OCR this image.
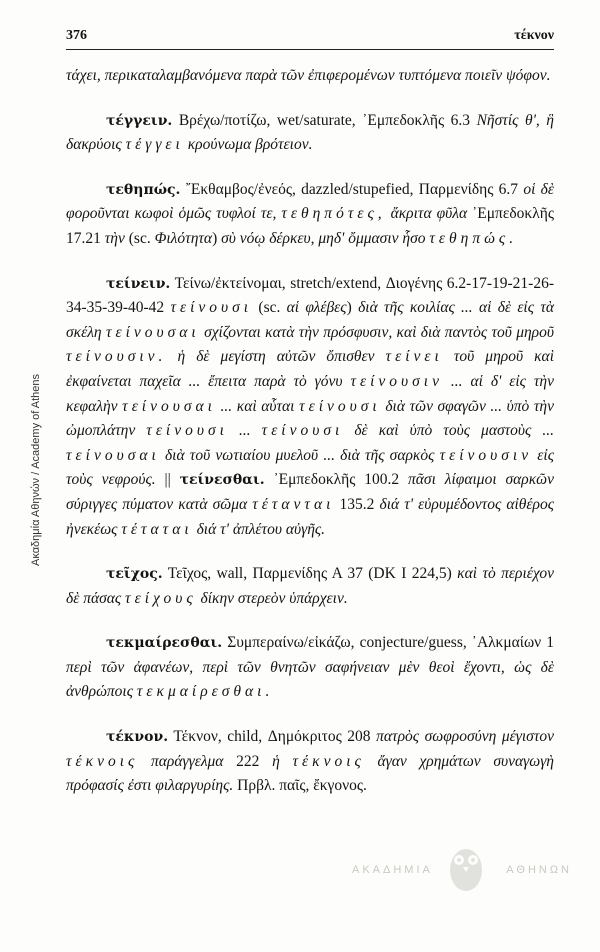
Ακαδημία Αθηνών / Academy of Athens
376	τέκνον

τάχει, περικαταλαμβανόμενα παρὰ τῶν ἐπιφερομένων τυπτόμενα ποιεῖν ψόφον.

τέγγειν. Βρέχω/ποτίζω, wet/saturate, ᾿Εμπεδοκλῆς 6.3 Νῆστίς θ', ἣ δακρύοις τέγγει κρούνωμα βρότειον.

τεθηπώς. ῎Εκθαμβος/ἐνεός, dazzled/stupefied, Παρμενίδης 6.7 οἱ δὲ φοροῦνται κωφοὶ ὁμῶς τυφλοί τε, τεθηπότες, ἄκριτα φῦλα ᾿Εμπεδοκλῆς 17.21 τὴν (sc. Φιλότητα) σὺ νόῳ δέρκευ, μηδ' ὄμμασιν ἧσο τεθηπώς.

τείνειν. Τείνω/ἐκτείνομαι, stretch/extend, Διογένης 6.2-17-19-21-26-34-35-39-40-42 τείνουσι (sc. αἱ φλέβες) διὰ τῆς κοιλίας ... αἱ δὲ εἰς τὰ σκέλη τείνουσαι σχίζονται κατὰ τὴν πρόσφυσιν, καὶ διὰ παντὸς τοῦ μηροῦ τείνουσιν. ἡ δὲ μεγίστη αὐτῶν ὄπισθεν τείνει τοῦ μηροῦ καὶ ἐκφαίνεται παχεῖα ... ἔπειτα παρὰ τὸ γόνυ τείνουσιν ... αἱ δ' εἰς τὴν κεφαλὴν τείνουσαι ... καὶ αὗται τείνουσι διὰ τῶν σφαγῶν ... ὑπὸ τὴν ὠμοπλάτην τείνουσι ... τείνουσι δὲ καὶ ὑπὸ τοὺς μαστοὺς ... τείνουσαι διὰ τοῦ νωτιαίου μυελοῦ ... διὰ τῆς σαρκὸς τείνουσιν εἰς τοὺς νεφρούς. || τείνεσθαι. ᾿Εμπεδοκλῆς 100.2 πᾶσι λίφαιμοι σαρκῶν σύριγγες πύματον κατὰ σῶμα τέτανται 135.2 διά τ' εὐρυμέδοντος αἰθέρος ἠνεκέως τέταται διά τ' ἀπλέτου αὐγῆς.

τεῖχος. Τεῖχος, wall, Παρμενίδης Α 37 (DK I 224,5) καὶ τὸ περιέχον δὲ πάσας τείχους δίκην στερεὸν ὑπάρχειν.

τεκμαίρεσθαι. Συμπεραίνω/εἰκάζω, conjecture/guess, ᾿Αλκμαίων 1 περὶ τῶν ἀφανέων, περὶ τῶν θνητῶν σαφήνειαν μὲν θεοὶ ἔχοντι, ὡς δὲ ἀνθρώποις τεκμαίρεσθαι.

τέκνον. Τέκνον, child, Δημόκριτος 208 πατρὸς σωφροσύνη μέγιστον τέκνοις παράγγελμα 222 ἡ τέκνοις ἄγαν χρημάτων συναγωγὴ πρόφασίς ἐστι φιλαργυρίης. Πρβλ. παῖς, ἔκγονος.

ΑΚΑΔΗΜΙΑ	ΑΘΗΝΩΝ
